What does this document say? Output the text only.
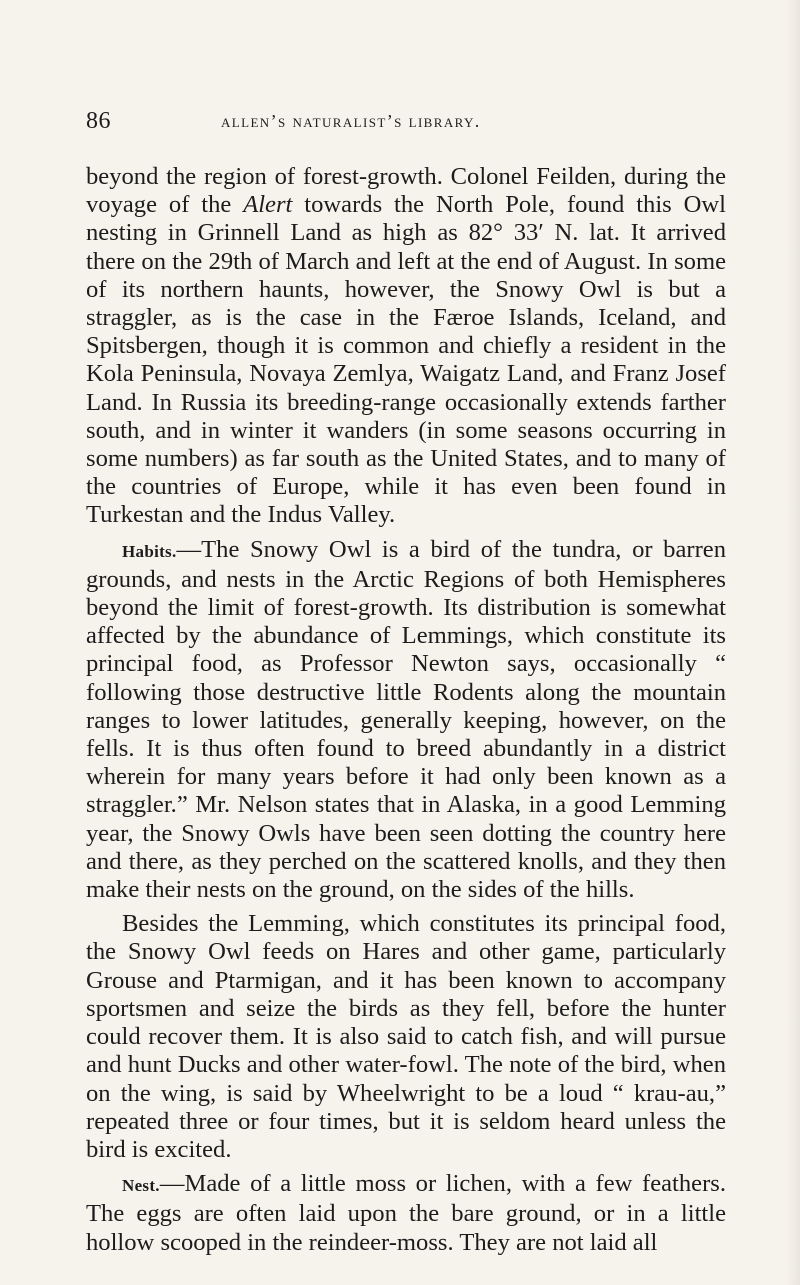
86	allen’s naturalist’s library.

beyond the region of forest-growth. Colonel Feilden, during the voyage of the Alert towards the North Pole, found this Owl nesting in Grinnell Land as high as 82° 33′ N. lat. It arrived there on the 29th of March and left at the end of August. In some of its northern haunts, however, the Snowy Owl is but a straggler, as is the case in the Færoe Islands, Iceland, and Spitsbergen, though it is common and chiefly a resident in the Kola Peninsula, Novaya Zemlya, Waigatz Land, and Franz Josef Land. In Russia its breeding-range occasionally extends farther south, and in winter it wanders (in some seasons occurring in some numbers) as far south as the United States, and to many of the countries of Europe, while it has even been found in Turkestan and the Indus Valley.

Habits.—The Snowy Owl is a bird of the tundra, or barren grounds, and nests in the Arctic Regions of both Hemispheres beyond the limit of forest-growth. Its distribution is somewhat affected by the abundance of Lemmings, which constitute its principal food, as Professor Newton says, occasionally “ following those destructive little Rodents along the mountain ranges to lower latitudes, generally keeping, however, on the fells. It is thus often found to breed abundantly in a district wherein for many years before it had only been known as a straggler.” Mr. Nelson states that in Alaska, in a good Lemming year, the Snowy Owls have been seen dotting the country here and there, as they perched on the scattered knolls, and they then make their nests on the ground, on the sides of the hills.

Besides the Lemming, which constitutes its principal food, the Snowy Owl feeds on Hares and other game, particularly Grouse and Ptarmigan, and it has been known to accompany sportsmen and seize the birds as they fell, before the hunter could recover them. It is also said to catch fish, and will pursue and hunt Ducks and other water-fowl. The note of the bird, when on the wing, is said by Wheelwright to be a loud “ krau-au,” repeated three or four times, but it is seldom heard unless the bird is excited.

Nest.—Made of a little moss or lichen, with a few feathers. The eggs are often laid upon the bare ground, or in a little hollow scooped in the reindeer-moss. They are not laid all
